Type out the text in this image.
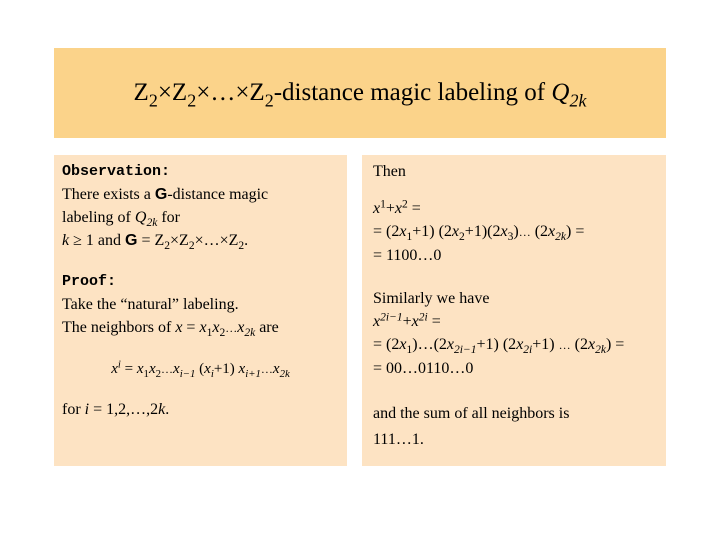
$Z_2\times Z_2\times\dots\times Z_2$-distance magic labeling of $Q_{2k}$
Observation:
There exists a G-distance magic
labeling of $Q_{2k}$ for
k ≥ 1 and $G = Z_2\times Z_2\times\dots\times Z_2$.
Proof:
Take the “natural” labeling.
The neighbors of $x = x_1x_2\dots x_{2k}$ are
$x^i$ = $x_1x_2\dots x_{i-1}$ $(x_i+1)$ $x_{i+1}\dots x_{2k}$
for i = 1,2,…,2k.
Then
$x^1+x^2$ =
= $(2x_1+1)$ $(2x_2+1)(2x_3)\dots$ $(2x_{2k})$ =
= 1100…0
Similarly we have
$x^{2i-1}+x^{2i}$ =
= $(2x_1)\dots(2x_{2i-1}+1)$ $(2x_{2i}+1)$ … $(2x_{2k})$ =
= 00…0110…0
and the sum of all neighbors is
111…1.
